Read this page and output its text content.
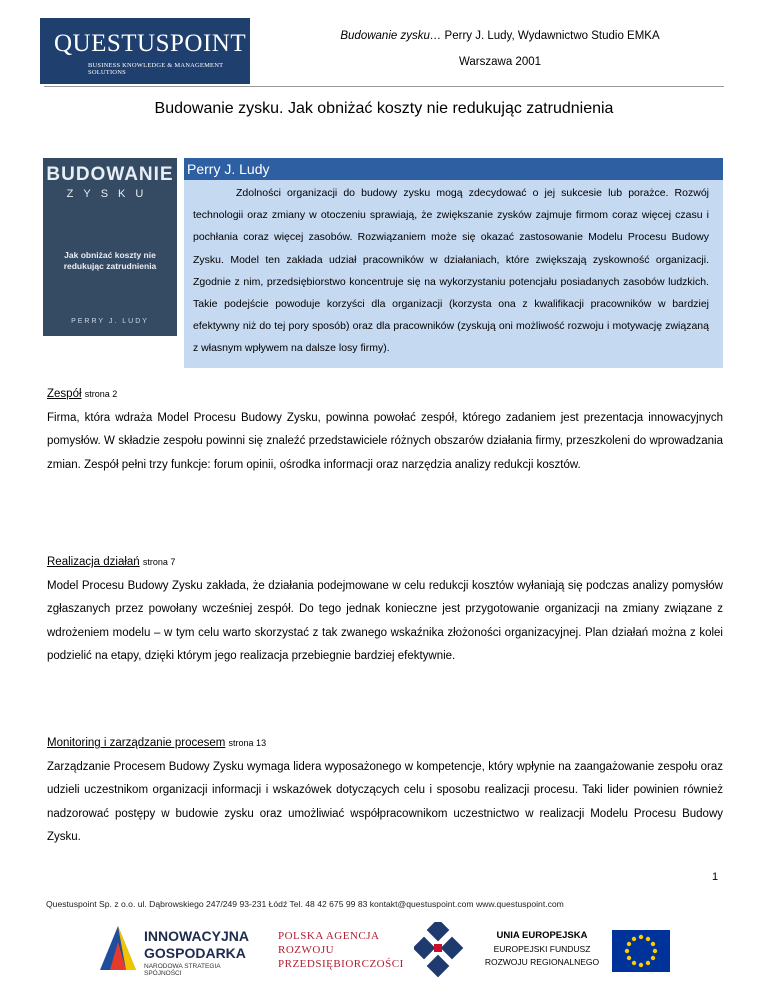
QUESTUSPOINT
BUSINESS KNOWLEDGE & MANAGEMENT SOLUTIONS
Budowanie zysku… Perry J. Ludy, Wydawnictwo Studio EMKA
Warszawa 2001
Budowanie zysku. Jak obniżać koszty nie redukując zatrudnienia
BUDOWANIE
ZYSKU
Jak obniżać koszty nie redukując zatrudnienia
PERRY J. LUDY
Perry J. Ludy
Zdolności organizacji do budowy zysku mogą zdecydować o jej sukcesie lub porażce. Rozwój technologii oraz zmiany w otoczeniu sprawiają, że zwiększanie zysków zajmuje firmom coraz więcej czasu i pochłania coraz więcej zasobów. Rozwiązaniem może się okazać zastosowanie Modelu Procesu Budowy Zysku. Model ten zakłada udział pracowników w działaniach, które zwiększają zyskowność organizacji. Zgodnie z nim, przedsiębiorstwo koncentruje się na wykorzystaniu potencjału posiadanych zasobów ludzkich. Takie podejście powoduje korzyści dla organizacji (korzysta ona z kwalifikacji pracowników w bardziej efektywny niż do tej pory sposób) oraz dla pracowników (zyskują oni możliwość rozwoju i motywację związaną z własnym wpływem na dalsze losy firmy).
Zespół strona 2
Firma, która wdraża Model Procesu Budowy Zysku, powinna powołać zespół, którego zadaniem jest prezentacja innowacyjnych pomysłów. W składzie zespołu powinni się znaleźć przedstawiciele różnych obszarów działania firmy, przeszkoleni do wprowadzania zmian. Zespół pełni trzy funkcje: forum opinii, ośrodka informacji oraz narzędzia analizy redukcji kosztów.
Realizacja działań strona 7
Model Procesu Budowy Zysku zakłada, że działania podejmowane w celu redukcji kosztów wyłaniają się podczas analizy pomysłów zgłaszanych przez powołany wcześniej zespół. Do tego jednak konieczne jest przygotowanie organizacji na zmiany związane z wdrożeniem modelu – w tym celu warto skorzystać z tak zwanego wskaźnika złożoności organizacyjnej. Plan działań można z kolei podzielić na etapy, dzięki którym jego realizacja przebiegnie bardziej efektywnie.
Monitoring i zarządzanie procesem strona 13
Zarządzanie Procesem Budowy Zysku wymaga lidera wyposażonego w kompetencje, który wpłynie na zaangażowanie zespołu oraz udzieli uczestnikom organizacji informacji i wskazówek dotyczących celu i sposobu realizacji procesu. Taki lider powinien również nadzorować postępy w budowie zysku oraz umożliwiać współpracownikom uczestnictwo w realizacji Modelu Procesu Budowy Zysku.
1
Questuspoint Sp. z o.o. ul. Dąbrowskiego 247/249 93-231 Łódź Tel. 48 42 675 99 83 kontakt@questuspoint.com www.questuspoint.com
INNOWACYJNA
GOSPODARKA
NARODOWA STRATEGIA SPÓJNOŚCI
POLSKA AGENCJA
ROZWOJU
PRZEDSIĘBIORCZOŚCI
UNIA EUROPEJSKA
EUROPEJSKI FUNDUSZ
ROZWOJU REGIONALNEGO
